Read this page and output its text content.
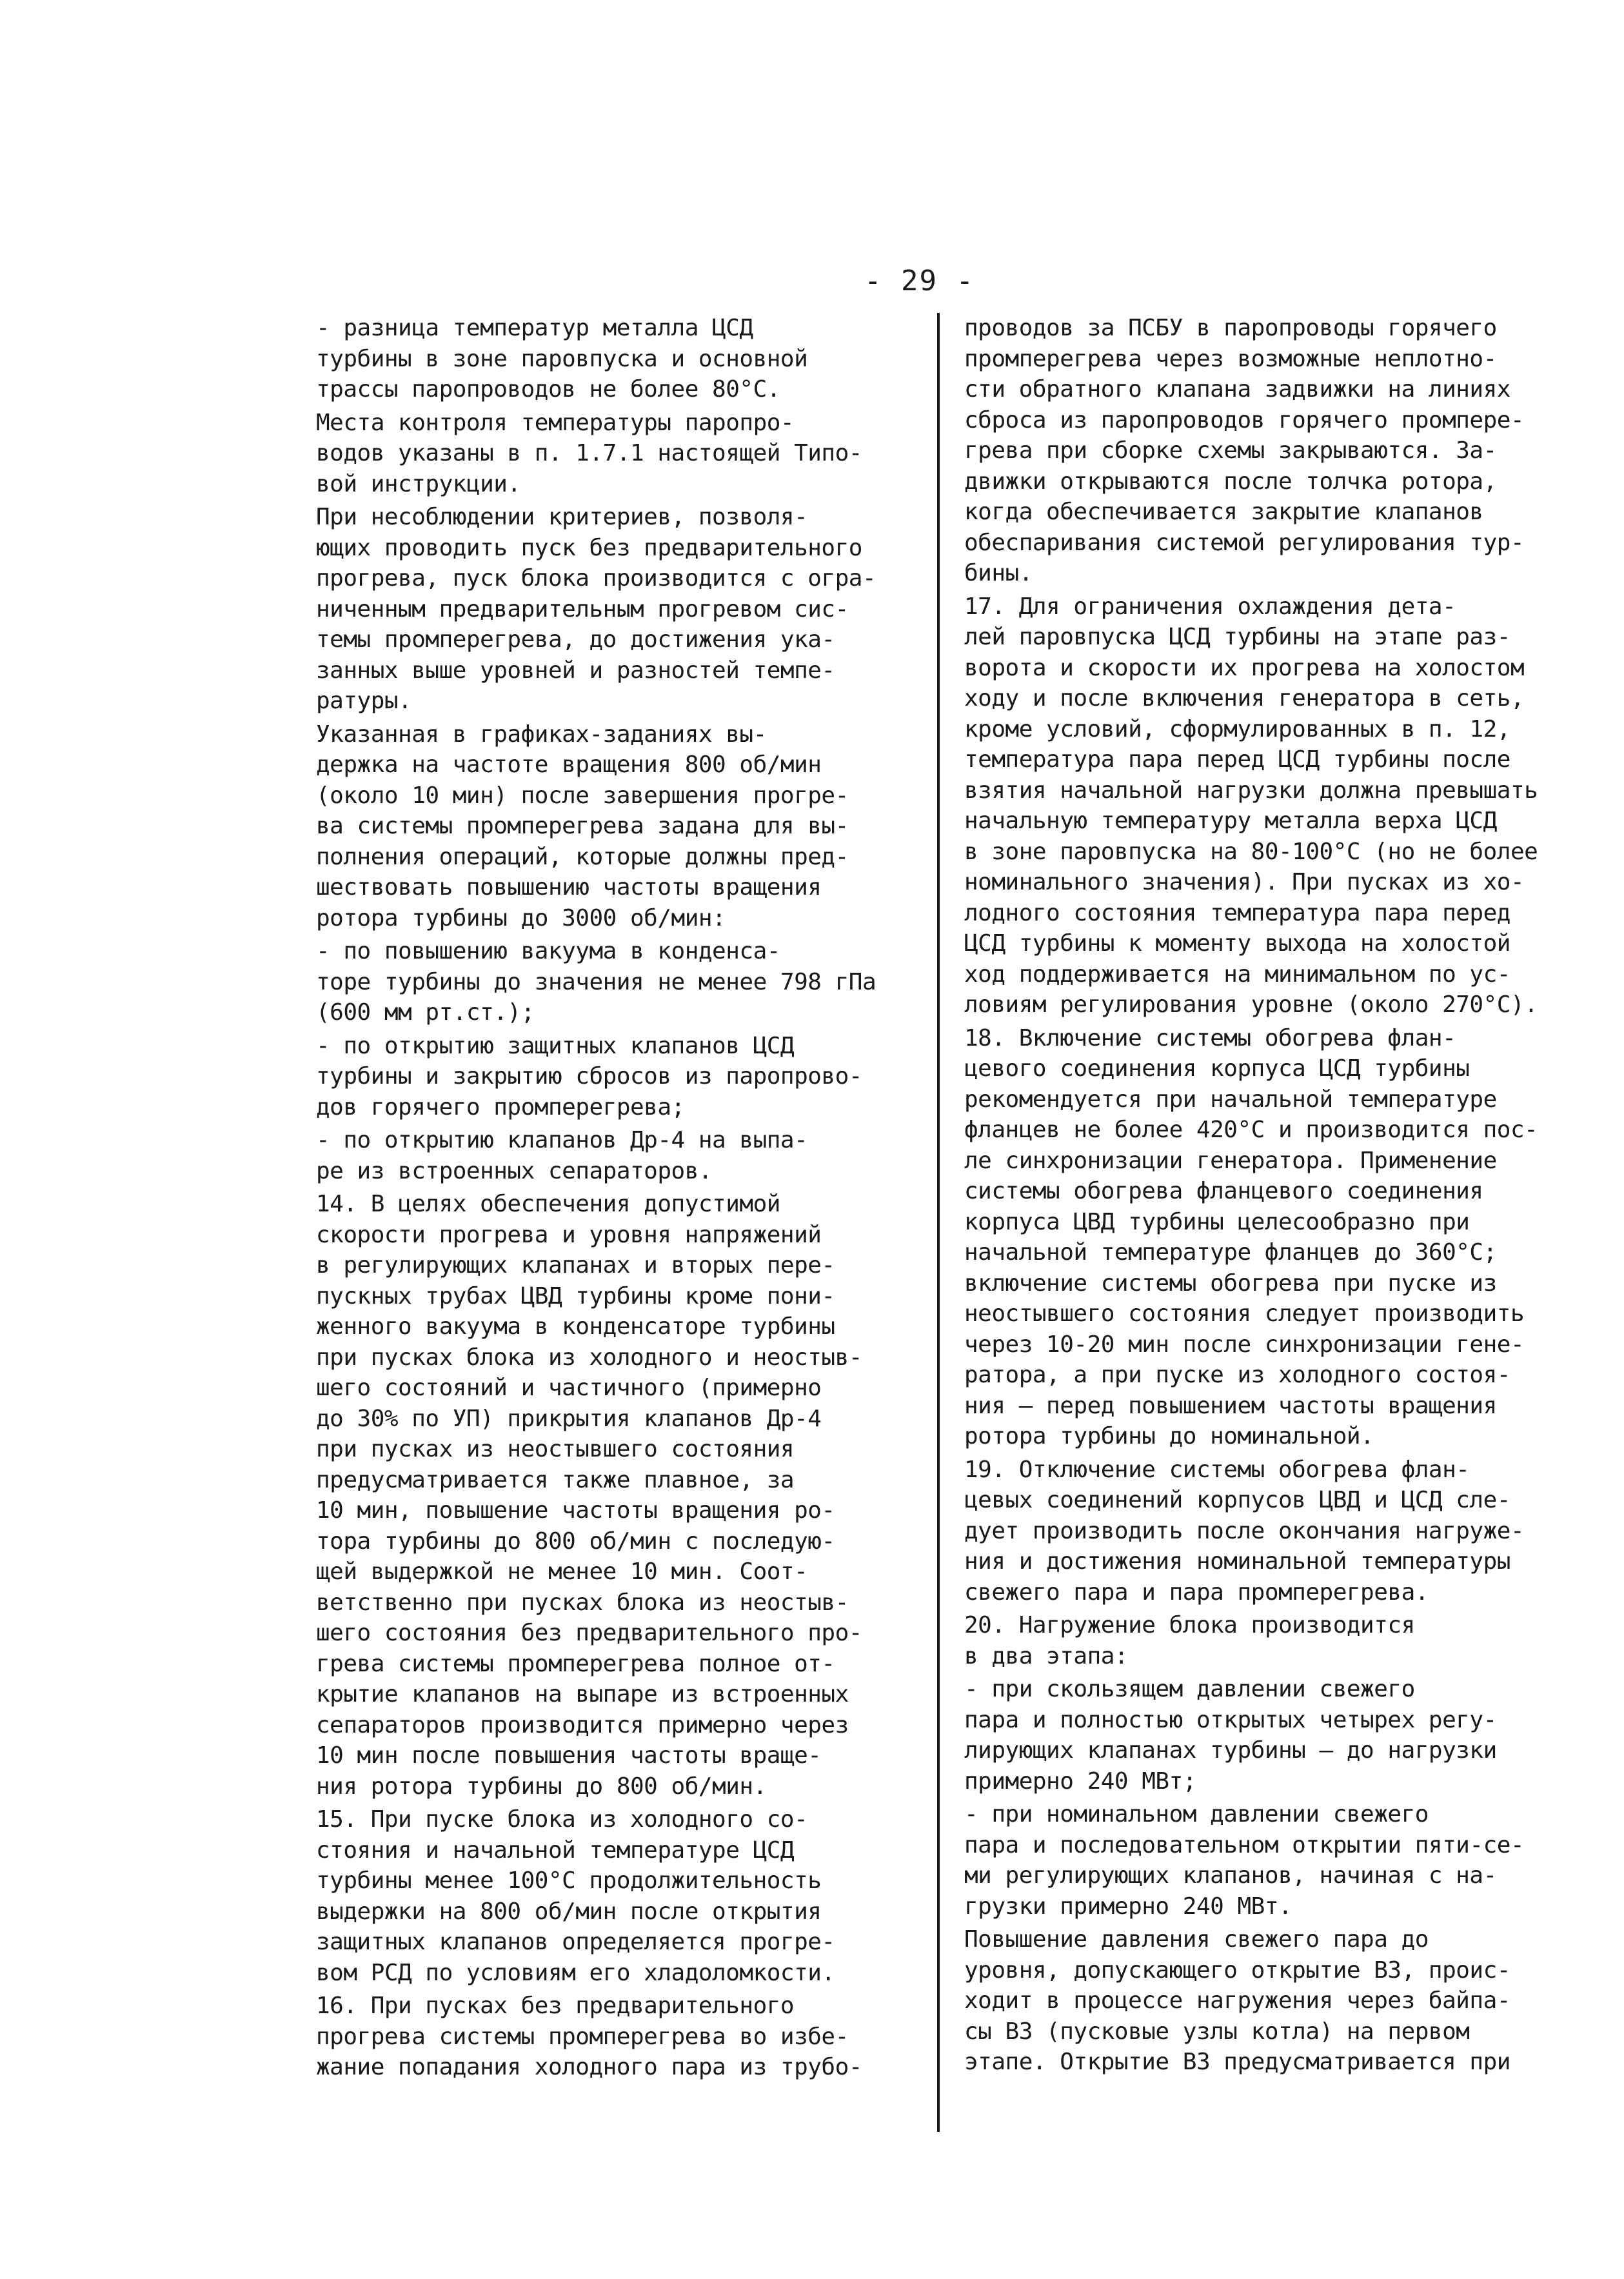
- 29 -
- разница температур металла ЦСД
турбины в зоне паровпуска и основной
трассы паропроводов не более 80°С.
Места контроля температуры паропро-
водов указаны в п. 1.7.1 настоящей Типо-
вой инструкции.
При несоблюдении критериев, позволя-
ющих проводить пуск без предварительного
прогрева, пуск блока производится с огра-
ниченным предварительным прогревом сис-
темы промперегрева, до достижения ука-
занных выше уровней и разностей темпе-
ратуры.
Указанная в графиках-заданиях вы-
держка на частоте вращения 800 об/мин
(около 10 мин) после завершения прогре-
ва системы промперегрева задана для вы-
полнения операций, которые должны пред-
шествовать повышению частоты вращения
ротора турбины до 3000 об/мин:
- по повышению вакуума в конденса-
торе турбины до значения не менее 798 гПа
(600 мм рт.ст.);
- по открытию защитных клапанов ЦСД
турбины и закрытию сбросов из паропрово-
дов горячего промперегрева;
- по открытию клапанов Др-4 на выпа-
ре из встроенных сепараторов.
14. В целях обеспечения допустимой
скорости прогрева и уровня напряжений
в регулирующих клапанах и вторых пере-
пускных трубах ЦВД турбины кроме пони-
женного вакуума в конденсаторе турбины
при пусках блока из холодного и неостыв-
шего состояний и частичного (примерно
до 30% по УП) прикрытия клапанов Др-4
при пусках из неостывшего состояния
предусматривается также плавное, за
10 мин, повышение частоты вращения ро-
тора турбины до 800 об/мин с последую-
щей выдержкой не менее 10 мин. Соот-
ветственно при пусках блока из неостыв-
шего состояния без предварительного про-
грева системы промперегрева полное от-
крытие клапанов на выпаре из встроенных
сепараторов производится примерно через
10 мин после повышения частоты враще-
ния ротора турбины до 800 об/мин.
15. При пуске блока из холодного со-
стояния и начальной температуре ЦСД
турбины менее 100°С продолжительность
выдержки на 800 об/мин после открытия
защитных клапанов определяется прогре-
вом РСД по условиям его хладоломкости.
16. При пусках без предварительного
прогрева системы промперегрева во избе-
жание попадания холодного пара из трубо-
проводов за ПСБУ в паропроводы горячего
промперегрева через возможные неплотно-
сти обратного клапана задвижки на линиях
сброса из паропроводов горячего промпере-
грева при сборке схемы закрываются. За-
движки открываются после толчка ротора,
когда обеспечивается закрытие клапанов
обеспаривания системой регулирования тур-
бины.
17. Для ограничения охлаждения дета-
лей паровпуска ЦСД турбины на этапе раз-
ворота и скорости их прогрева на холостом
ходу и после включения генератора в сеть,
кроме условий, сформулированных в п. 12,
температура пара перед ЦСД турбины после
взятия начальной нагрузки должна превышать
начальную температуру металла верха ЦСД
в зоне паровпуска на 80-100°С (но не более
номинального значения). При пусках из хо-
лодного состояния температура пара перед
ЦСД турбины к моменту выхода на холостой
ход поддерживается на минимальном по ус-
ловиям регулирования уровне (около 270°С).
18. Включение системы обогрева флан-
цевого соединения корпуса ЦСД турбины
рекомендуется при начальной температуре
фланцев не более 420°С и производится пос-
ле синхронизации генератора. Применение
системы обогрева фланцевого соединения
корпуса ЦВД турбины целесообразно при
начальной температуре фланцев до 360°С;
включение системы обогрева при пуске из
неостывшего состояния следует производить
через 10-20 мин после синхронизации гене-
ратора, а при пуске из холодного состоя-
ния — перед повышением частоты вращения
ротора турбины до номинальной.
19. Отключение системы обогрева флан-
цевых соединений корпусов ЦВД и ЦСД сле-
дует производить после окончания нагруже-
ния и достижения номинальной температуры
свежего пара и пара промперегрева.
20. Нагружение блока производится
в два этапа:
- при скользящем давлении свежего
пара и полностью открытых четырех регу-
лирующих клапанах турбины — до нагрузки
примерно 240 МВт;
- при номинальном давлении свежего
пара и последовательном открытии пяти-се-
ми регулирующих клапанов, начиная с на-
грузки примерно 240 МВт.
Повышение давления свежего пара до
уровня, допускающего открытие ВЗ, проис-
ходит в процессе нагружения через байпа-
сы ВЗ (пусковые узлы котла) на первом
этапе. Открытие ВЗ предусматривается при
